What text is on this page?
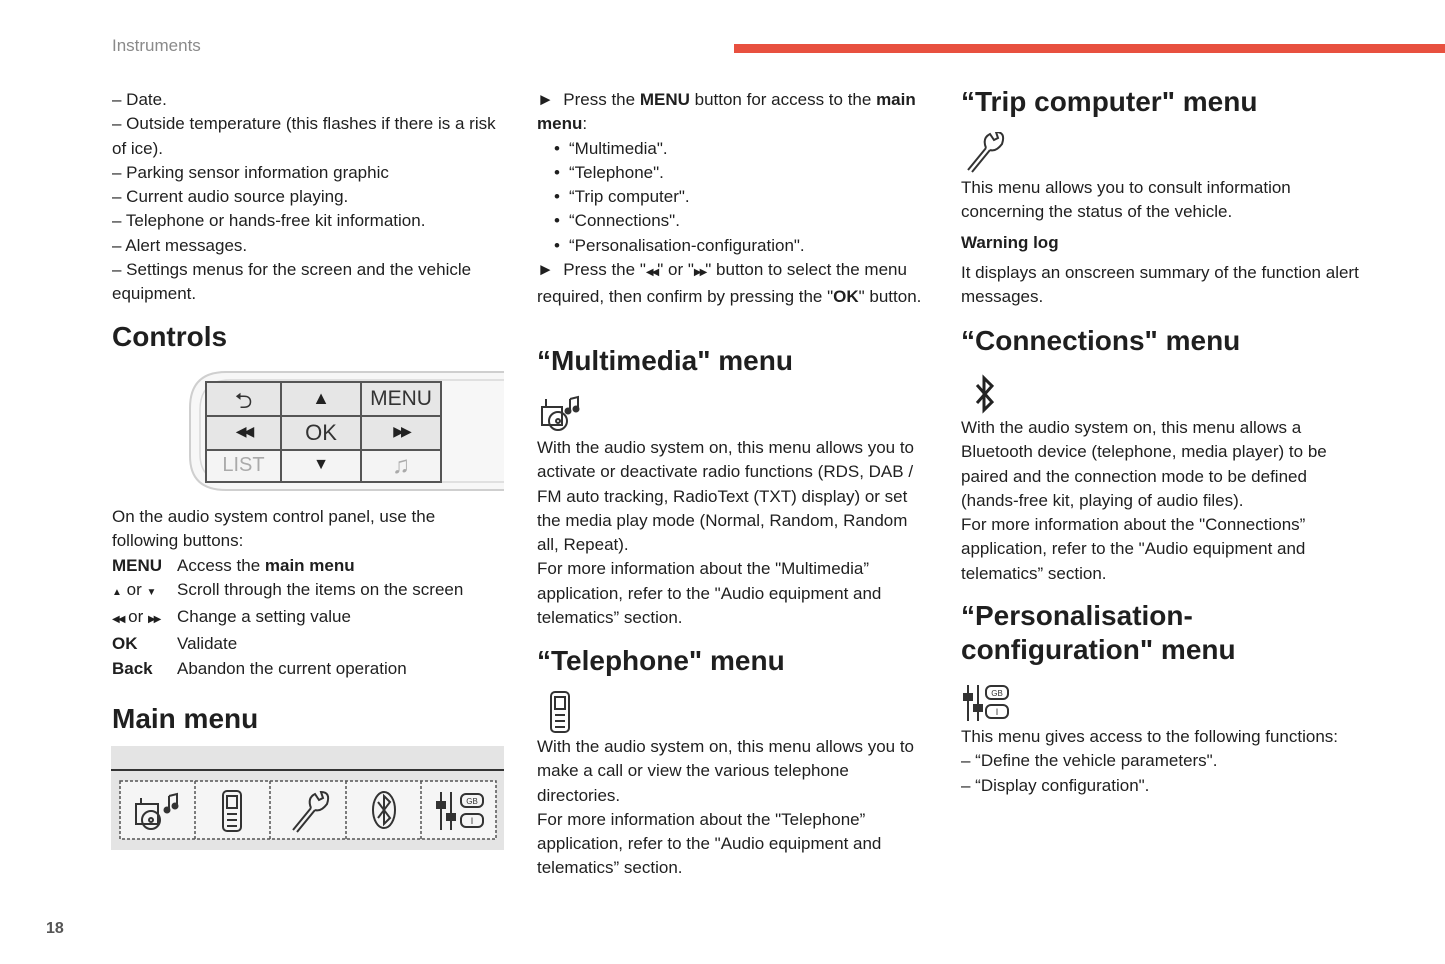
Instruments
18
– Date.
– Outside temperature (this flashes if there is a risk of ice).
– Parking sensor information graphic
– Current audio source playing.
– Telephone or hands-free kit information.
– Alert messages.
– Settings menus for the screen and the vehicle equipment.
Controls
⮌	▲	MENU
◀◀	OK	▶▶
LIST	▼	♫
On the audio system control panel, use the following buttons:
MENU Access the main menu
▲ or ▼	Scroll through the items on the screen
◀◀ or ▶▶	Change a setting value
OK	Validate
Back	Abandon the current operation
Main menu
GB
I
► Press the MENU button for access to the main menu:
• “Multimedia".
• “Telephone".
• “Trip computer".
• “Connections".
• “Personalisation-configuration".
► Press the "◀◀" or "▶▶" button to select the menu required, then confirm by pressing the "OK" button.
“Multimedia" menu
With the audio system on, this menu allows you to activate or deactivate radio functions (RDS, DAB / FM auto tracking, RadioText (TXT) display) or set the media play mode (Normal, Random, Random all, Repeat).
For more information about the "Multimedia” application, refer to the "Audio equipment and telematics” section.
“Telephone" menu
With the audio system on, this menu allows you to make a call or view the various telephone directories.
For more information about the "Telephone” application, refer to the "Audio equipment and telematics” section.
“Trip computer" menu
This menu allows you to consult information concerning the status of the vehicle.
Warning log
It displays an onscreen summary of the function alert messages.
“Connections" menu
With the audio system on, this menu allows a Bluetooth device (telephone, media player) to be paired and the connection mode to be defined (hands-free kit, playing of audio files).
For more information about the "Connections” application, refer to the "Audio equipment and telematics” section.
“Personalisation-
configuration" menu
GB
I
This menu gives access to the following functions:
– “Define the vehicle parameters".
– “Display configuration".
